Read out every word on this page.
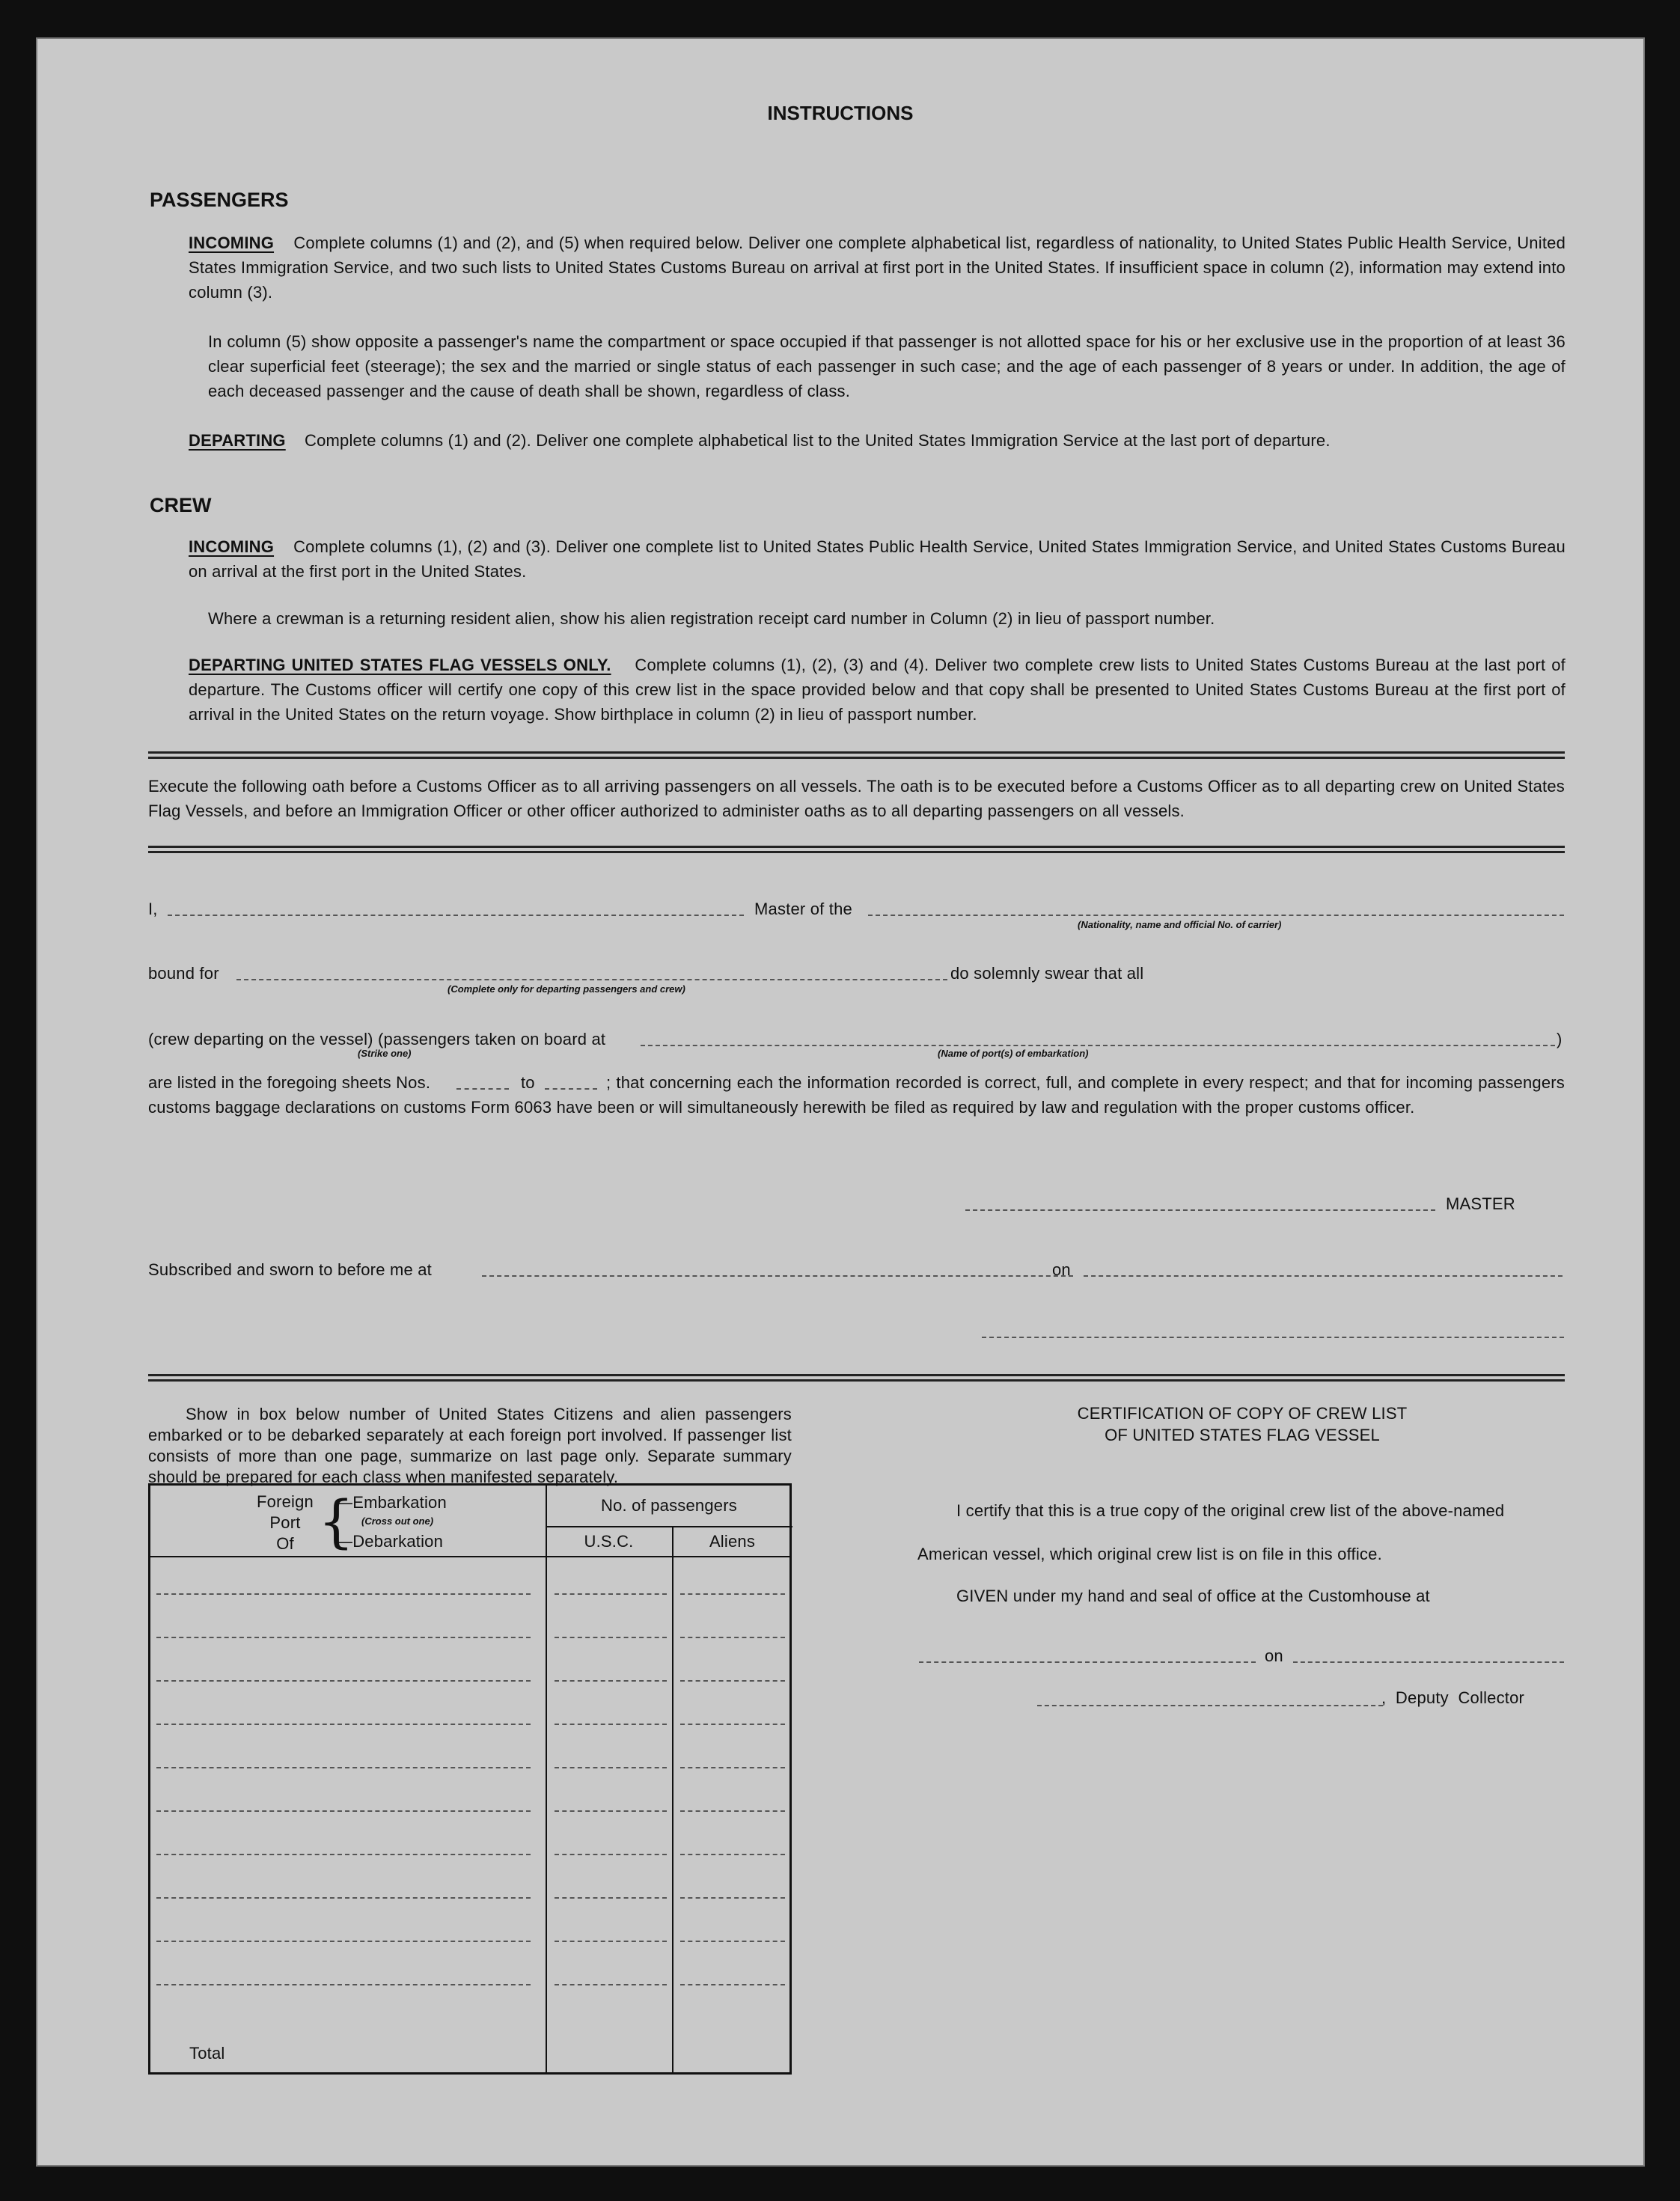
INSTRUCTIONS
PASSENGERS
INCOMING Complete columns (1) and (2), and (5) when required below. Deliver one complete alphabetical list, regardless of nationality, to United States Public Health Service, United States Immigration Service, and two such lists to United States Customs Bureau on arrival at first port in the United States. If insufficient space in column (2), information may extend into column (3).
In column (5) show opposite a passenger's name the compartment or space occupied if that passenger is not allotted space for his or her exclusive use in the proportion of at least 36 clear superficial feet (steerage); the sex and the married or single status of each passenger in such case; and the age of each passenger of 8 years or under. In addition, the age of each deceased passenger and the cause of death shall be shown, regardless of class.
DEPARTING Complete columns (1) and (2). Deliver one complete alphabetical list to the United States Immigration Service at the last port of departure.
CREW
INCOMING Complete columns (1), (2) and (3). Deliver one complete list to United States Public Health Service, United States Immigration Service, and United States Customs Bureau on arrival at the first port in the United States.
Where a crewman is a returning resident alien, show his alien registration receipt card number in Column (2) in lieu of passport number.
DEPARTING UNITED STATES FLAG VESSELS ONLY. Complete columns (1), (2), (3) and (4). Deliver two complete crew lists to United States Customs Bureau at the last port of departure. The Customs officer will certify one copy of this crew list in the space provided below and that copy shall be presented to United States Customs Bureau at the first port of arrival in the United States on the return voyage. Show birthplace in column (2) in lieu of passport number.
Execute the following oath before a Customs Officer as to all arriving passengers on all vessels. The oath is to be executed before a Customs Officer as to all departing crew on United States Flag Vessels, and before an Immigration Officer or other officer authorized to administer oaths as to all departing passengers on all vessels.
I,	Master of the
(Nationality, name and official No. of carrier)
bound for
(Complete only for departing passengers and crew)
do solemnly swear that all
(crew departing on the vessel) (passengers taken on board at
(Strike one)	(Name of port(s) of embarkation)
)
are listed in the foregoing sheets Nos.	to	; that concerning each the information recorded is correct, full, and complete in every respect; and that for incoming passengers customs baggage declarations on customs Form 6063 have been or will simultaneously herewith be filed as required by law and regulation with the proper customs officer.
MASTER
Subscribed and sworn to before me at	on
Show in box below number of United States Citizens and alien passengers embarked or to be debarked separately at each foreign port involved. If passenger list consists of more than one page, summarize on last page only. Separate summary should be prepared for each class when manifested separately.
Foreign
Port
Of {
—Embarkation
(Cross out one)
—Debarkation
No. of passengers
U.S.C.	Aliens
Total
CERTIFICATION OF COPY OF CREW LIST
OF UNITED STATES FLAG VESSEL
I certify that this is a true copy of the original crew list of the above-named
American vessel, which original crew list is on file in this office.
GIVEN under my hand and seal of office at the Customhouse at
on
,  Deputy  Collector
